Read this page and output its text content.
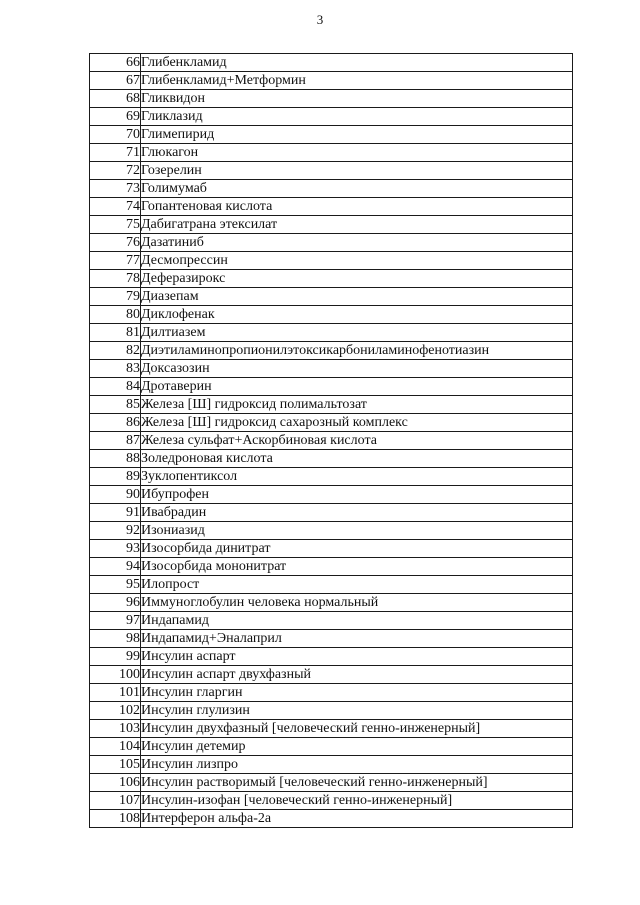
3
66	Глибенкламид
67	Глибенкламид+Метформин
68	Гликвидон
69	Гликлазид
70	Глимепирид
71	Глюкагон
72	Гозерелин
73	Голимумаб
74	Гопантеновая кислота
75	Дабигатрана этексилат
76	Дазатиниб
77	Десмопрессин
78	Деферазирокс
79	Диазепам
80	Диклофенак
81	Дилтиазем
82	Диэтиламинопропионилэтоксикарбониламинофенотиазин
83	Доксазозин
84	Дротаверин
85	Железа [Ш] гидроксид полимальтозат
86	Железа [Ш] гидроксид сахарозный комплекс
87	Железа сульфат+Аскорбиновая кислота
88	Золедроновая кислота
89	Зуклопентиксол
90	Ибупрофен
91	Ивабрадин
92	Изониазид
93	Изосорбида динитрат
94	Изосорбида мононитрат
95	Илопрост
96	Иммуноглобулин человека нормальный
97	Индапамид
98	Индапамид+Эналаприл
99	Инсулин аспарт
100	Инсулин аспарт двухфазный
101	Инсулин гларгин
102	Инсулин глулизин
103	Инсулин двухфазный [человеческий генно-инженерный]
104	Инсулин детемир
105	Инсулин лизпро
106	Инсулин растворимый [человеческий генно-инженерный]
107	Инсулин-изофан [человеческий генно-инженерный]
108	Интерферон альфа-2а
